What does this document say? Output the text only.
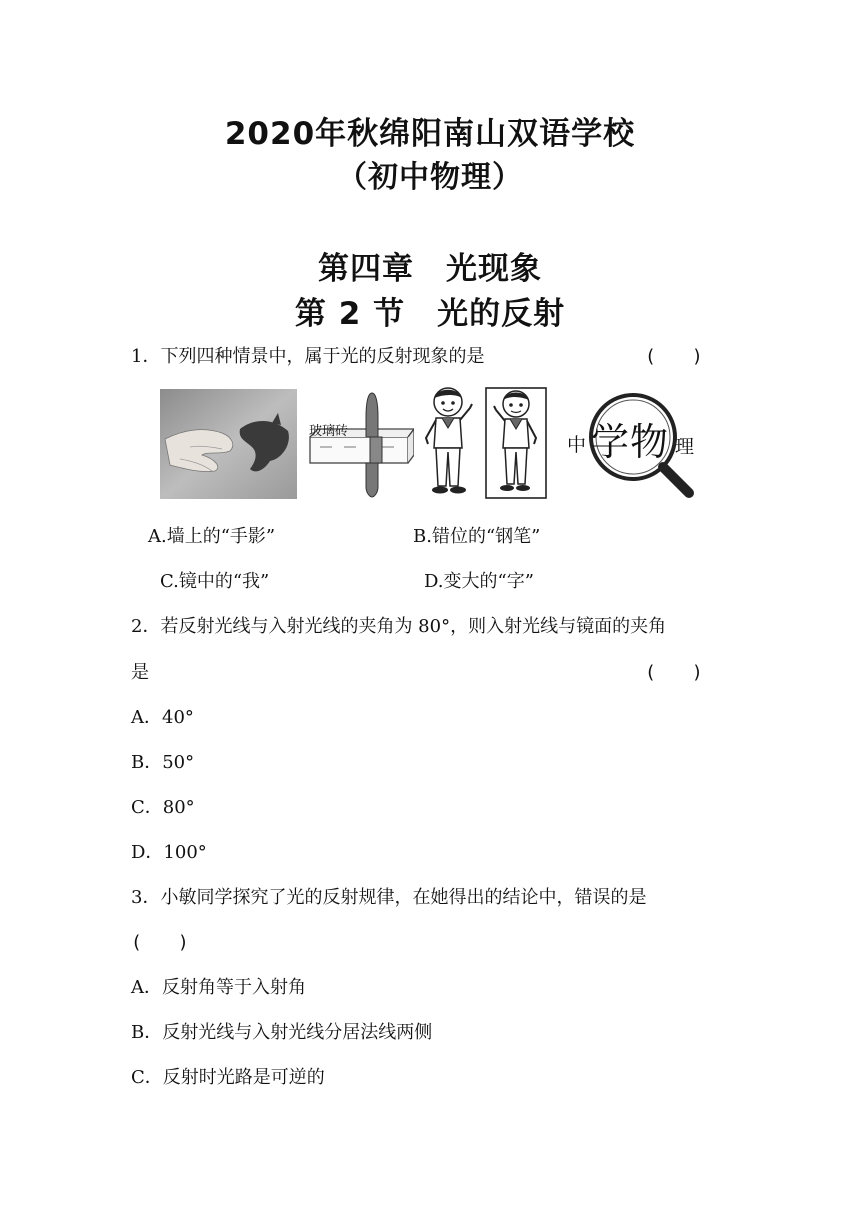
2020年秋绵阳南山双语学校
（初中物理）
第四章　光现象
第 2 节　光的反射
1．下列四种情景中，属于光的反射现象的是	(　　)
玻璃砖
中 学 物 理
A.墙上的“手影”	B.错位的“钢笔”
C.镜中的“我”	D.变大的“字”
2．若反射光线与入射光线的夹角为 80°，则入射光线与镜面的夹角
是	(　　)
A．40°
B．50°
C．80°
D．100°
3．小敏同学探究了光的反射规律，在她得出的结论中，错误的是
(　　)
A．反射角等于入射角
B．反射光线与入射光线分居法线两侧
C．反射时光路是可逆的
